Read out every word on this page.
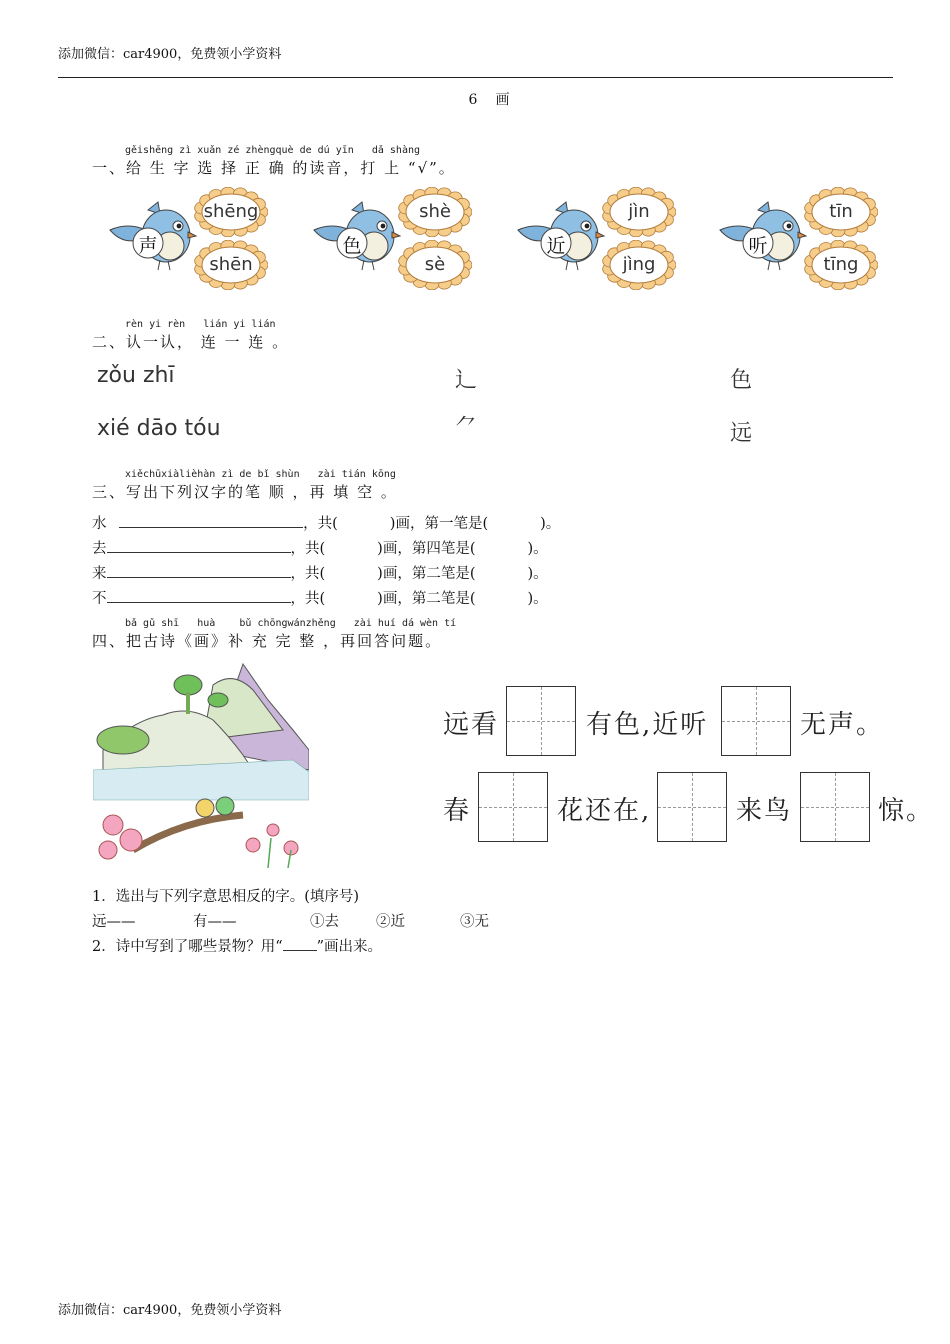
添加微信：car4900，免费领小学资料
6　画
gěishēng zì xuǎn zé zhèngquè de dú yīn   dǎ shàng
一、给 生 字 选 择 正 确 的读音，打 上 “√”。
声
shēng
shēn
色
shè
sè
近
jìn
jìng
听
tīn
tīng
rèn yi rèn   lián yi lián
二、认一认， 连 一 连 。
zǒu zhī
xié dāo tóu
辶
⺈
色
远
xiěchūxiàlièhàn zì de bǐ shùn   zài tián kōng
三、写出下列汉字的笔 顺 ，再 填 空 。
水	，共(	)画，第一笔是(	)。
去	，共(	)画，第四笔是(	)。
来	，共(	)画，第二笔是(	)。
不	，共(	)画，第二笔是(	)。
bǎ gǔ shī   huà    bǔ chōngwánzhěng   zài huí dá wèn tí
四、把古诗《画》补 充 完 整 ，再回答问题。
远看	有色,近听	无声。
春	花还在,	来鸟	惊。
1．选出与下列字意思相反的字。(填序号)
远——	有——	①去	②近	③无
2．诗中写到了哪些景物？用“ ”画出来。
添加微信：car4900，免费领小学资料
